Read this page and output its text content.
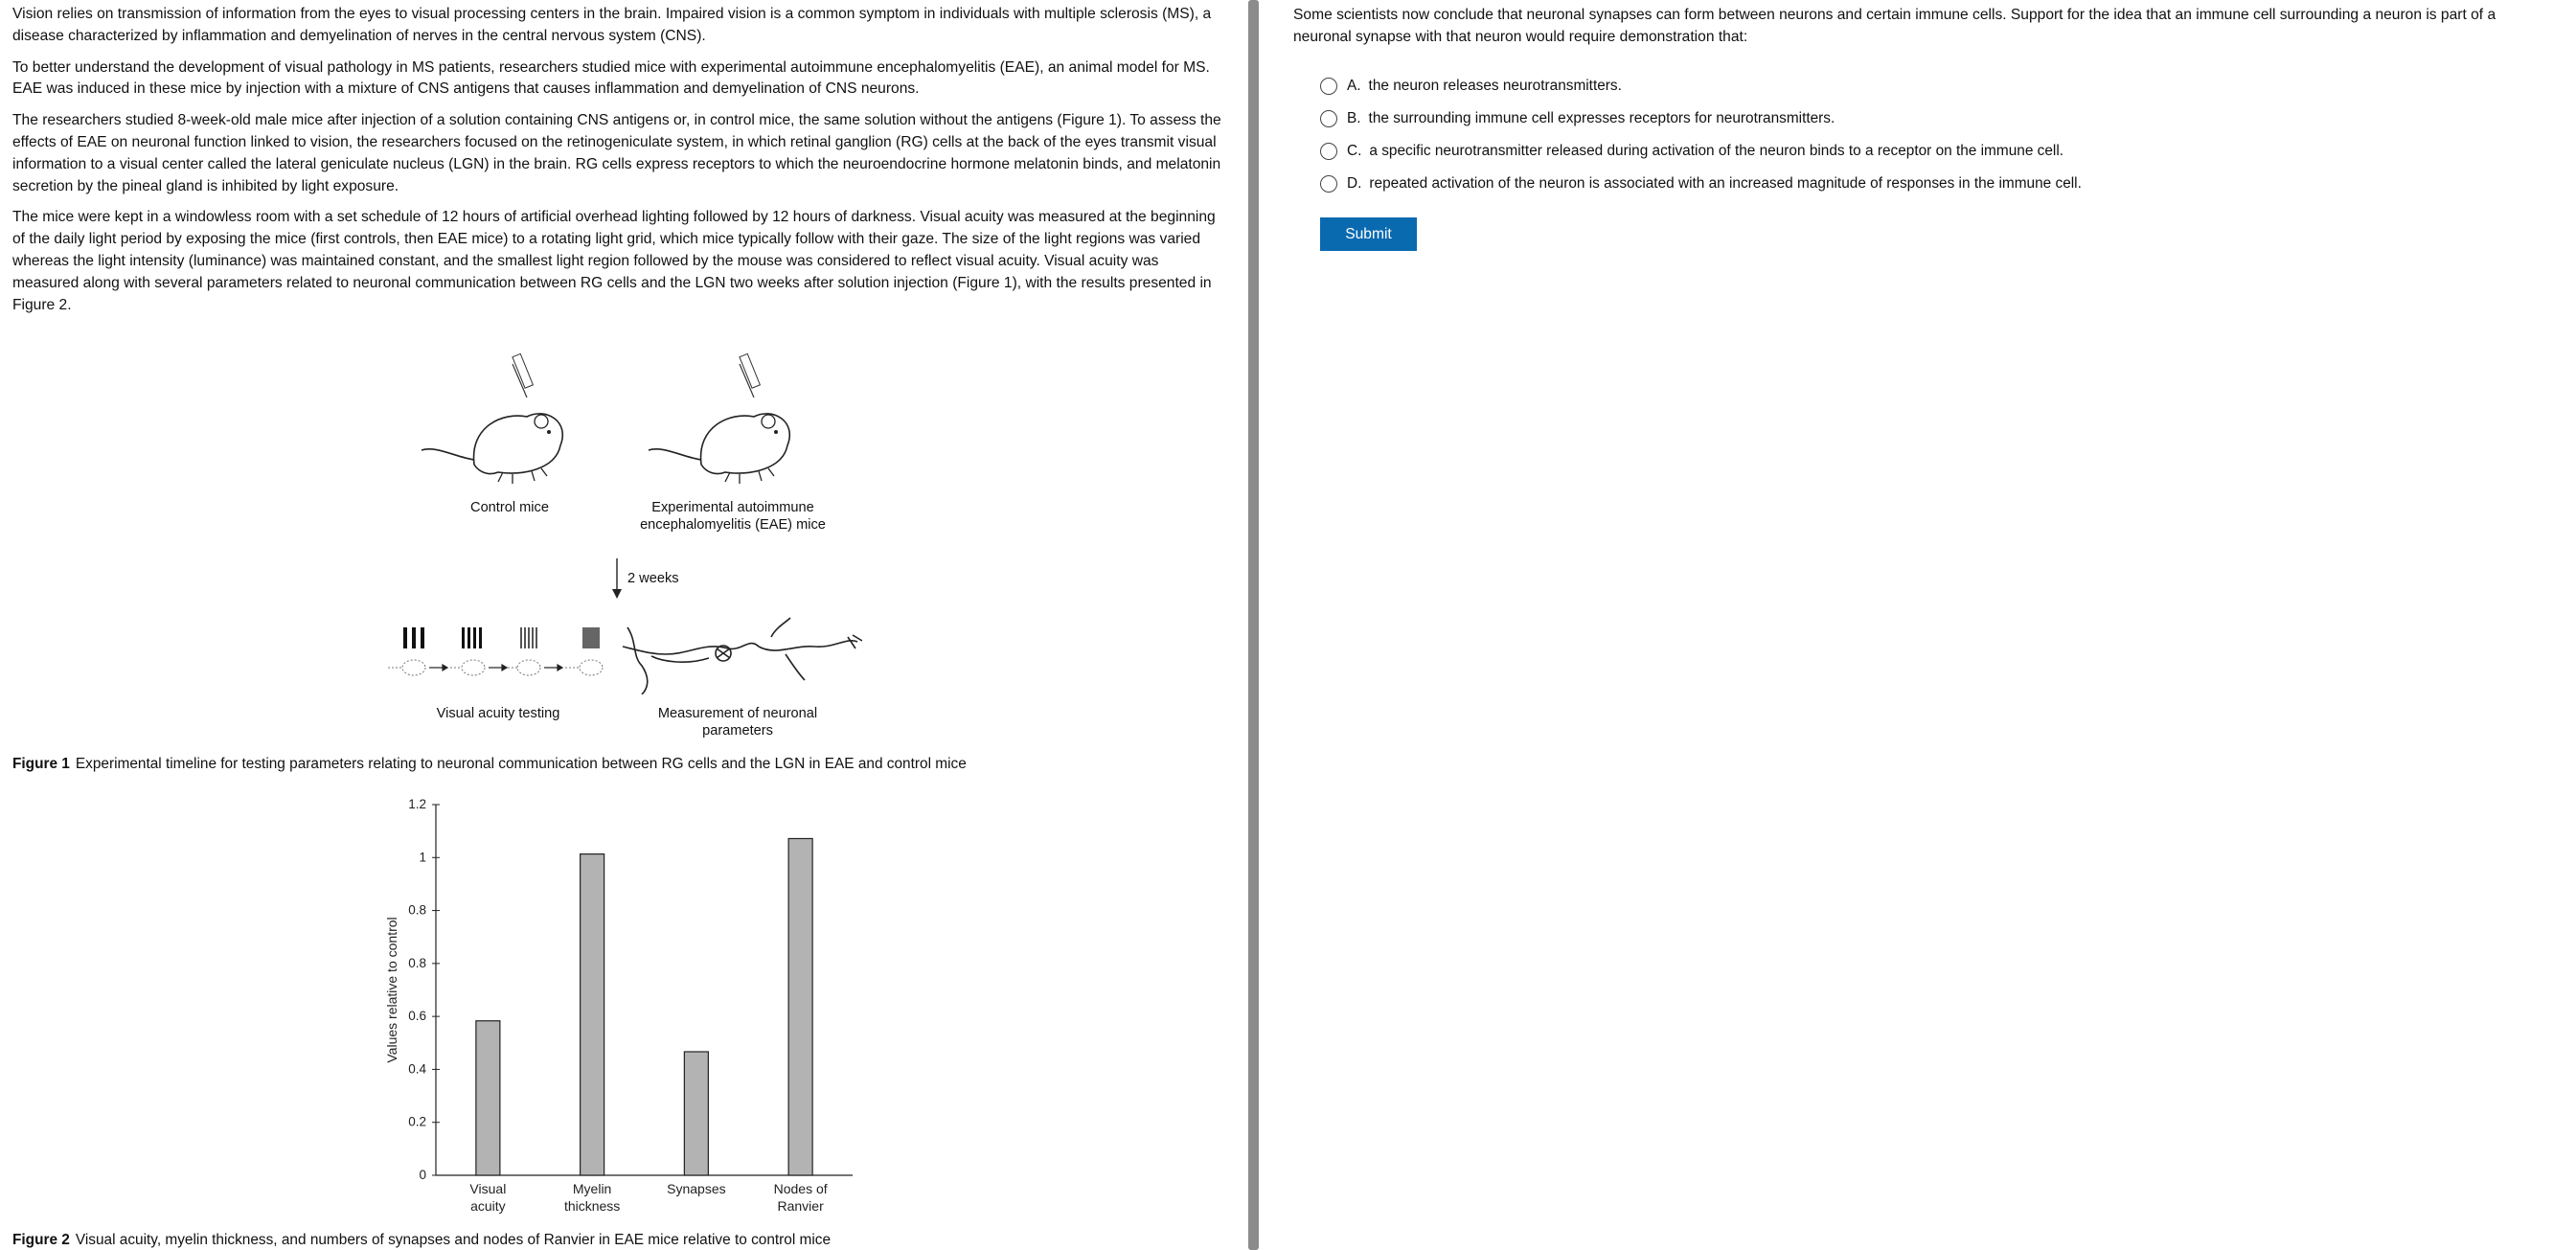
Vision relies on transmission of information from the eyes to visual processing centers in the brain. Impaired vision is a common symptom in individuals with multiple sclerosis (MS), a disease characterized by inflammation and demyelination of nerves in the central nervous system (CNS).

To better understand the development of visual pathology in MS patients, researchers studied mice with experimental autoimmune encephalomyelitis (EAE), an animal model for MS. EAE was induced in these mice by injection with a mixture of CNS antigens that causes inflammation and demyelination of CNS neurons.

The researchers studied 8-week-old male mice after injection of a solution containing CNS antigens or, in control mice, the same solution without the antigens (Figure 1). To assess the effects of EAE on neuronal function linked to vision, the researchers focused on the retinogeniculate system, in which retinal ganglion (RG) cells at the back of the eyes transmit visual information to a visual center called the lateral geniculate nucleus (LGN) in the brain. RG cells express receptors to which the neuroendocrine hormone melatonin binds, and melatonin secretion by the pineal gland is inhibited by light exposure.

The mice were kept in a windowless room with a set schedule of 12 hours of artificial overhead lighting followed by 12 hours of darkness. Visual acuity was measured at the beginning of the daily light period by exposing the mice (first controls, then EAE mice) to a rotating light grid, which mice typically follow with their gaze. The size of the light regions was varied whereas the light intensity (luminance) was maintained constant, and the smallest light region followed by the mouse was considered to reflect visual acuity. Visual acuity was measured along with several parameters related to neuronal communication between RG cells and the LGN two weeks after solution injection (Figure 1), with the results presented in Figure 2.

Control mice	Experimental autoimmune
encephalomyelitis (EAE) mice
2 weeks
Visual acuity testing	Measurement of neuronal
parameters

Figure 1 Experimental timeline for testing parameters relating to neuronal communication between RG cells and the LGN in EAE and control mice

0
0.2
0.4
0.6
0.8
0.8
1
1.2
Values relative to control
Visual
acuity
Myelin
thickness
Synapses	Nodes of
Ranvier

Figure 2 Visual acuity, myelin thickness, and numbers of synapses and nodes of Ranvier in EAE mice relative to control mice

Some scientists now conclude that neuronal synapses can form between neurons and certain immune cells. Support for the idea that an immune cell surrounding a neuron is part of a neuronal synapse with that neuron would require demonstration that:

A. the neuron releases neurotransmitters.
B. the surrounding immune cell expresses receptors for neurotransmitters.
C. a specific neurotransmitter released during activation of the neuron binds to a receptor on the immune cell.
D. repeated activation of the neuron is associated with an increased magnitude of responses in the immune cell.
Submit
